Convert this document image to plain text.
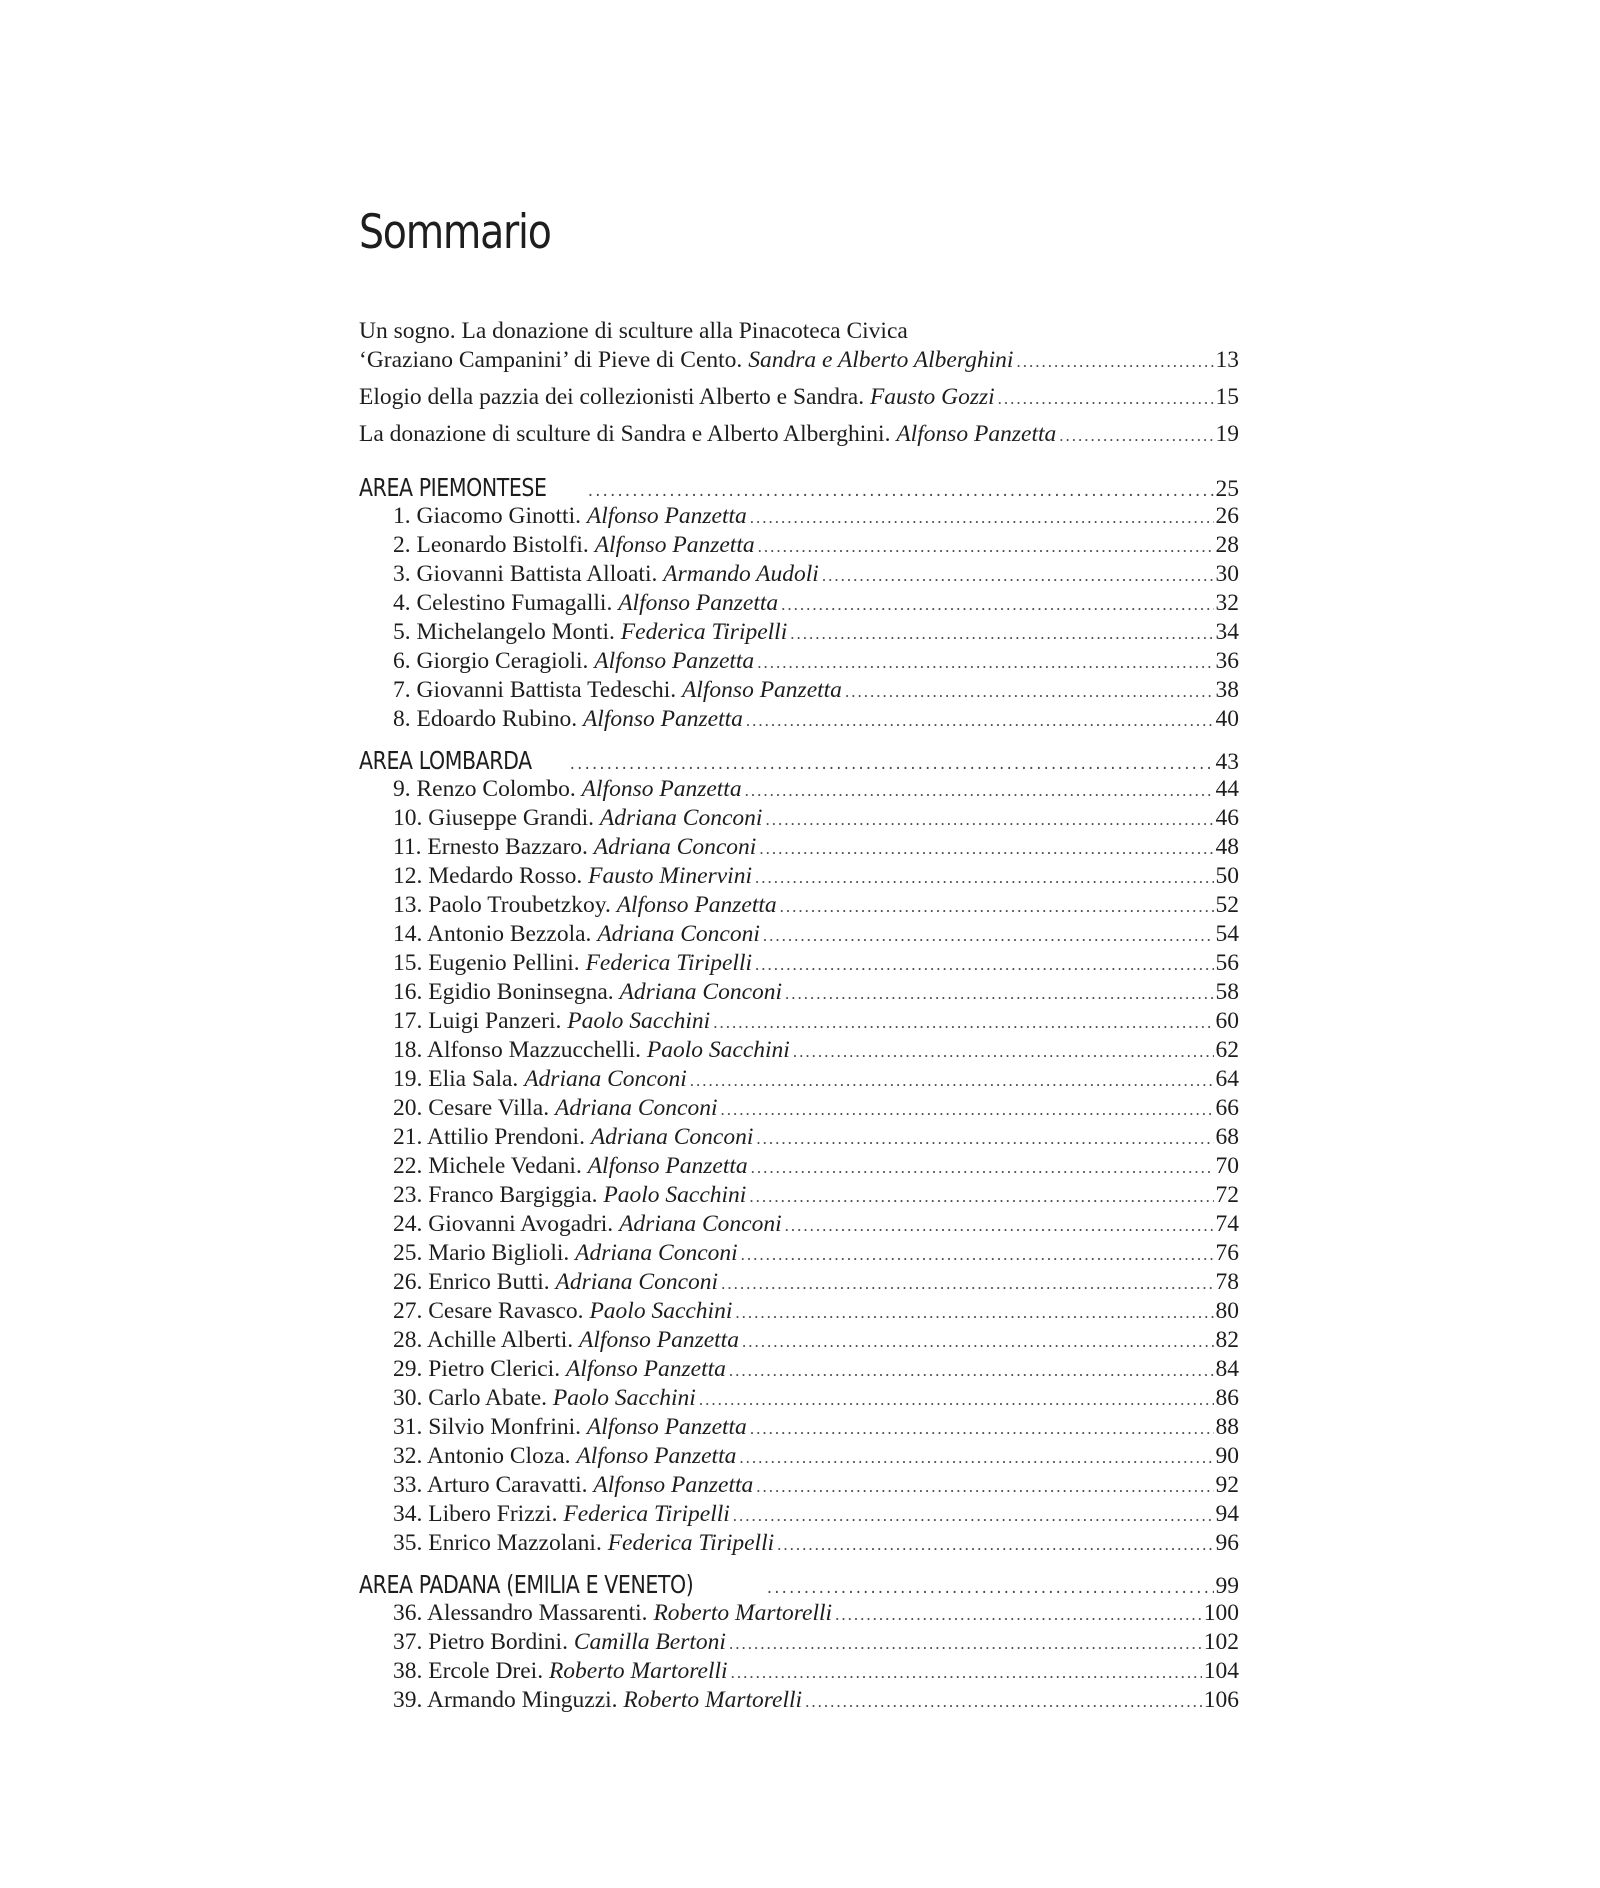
Sommario
Un sogno. La donazione di sculture alla Pinacoteca Civica
‘Graziano Campanini’ di Pieve di Cento. Sandra e Alberto Alberghini .....	13
Elogio della pazzia dei collezionisti Alberto e Sandra. Fausto Gozzi .....	15
La donazione di sculture di Sandra e Alberto Alberghini. Alfonso Panzetta .....	19
AREA PIEMONTESE .....	25
1. Giacomo Ginotti. Alfonso Panzetta .....	26
2. Leonardo Bistolfi. Alfonso Panzetta .....	28
3. Giovanni Battista Alloati. Armando Audoli .....	30
4. Celestino Fumagalli. Alfonso Panzetta .....	32
5. Michelangelo Monti. Federica Tiripelli .....	34
6. Giorgio Ceragioli. Alfonso Panzetta .....	36
7. Giovanni Battista Tedeschi. Alfonso Panzetta .....	38
8. Edoardo Rubino. Alfonso Panzetta .....	40
AREA LOMBARDA .....	43
9. Renzo Colombo. Alfonso Panzetta .....	44
10. Giuseppe Grandi. Adriana Conconi .....	46
11. Ernesto Bazzaro. Adriana Conconi .....	48
12. Medardo Rosso. Fausto Minervini .....	50
13. Paolo Troubetzkoy. Alfonso Panzetta .....	52
14. Antonio Bezzola. Adriana Conconi .....	54
15. Eugenio Pellini. Federica Tiripelli .....	56
16. Egidio Boninsegna. Adriana Conconi .....	58
17. Luigi Panzeri. Paolo Sacchini .....	60
18. Alfonso Mazzucchelli. Paolo Sacchini .....	62
19. Elia Sala. Adriana Conconi .....	64
20. Cesare Villa. Adriana Conconi .....	66
21. Attilio Prendoni. Adriana Conconi .....	68
22. Michele Vedani. Alfonso Panzetta .....	70
23. Franco Bargiggia. Paolo Sacchini .....	72
24. Giovanni Avogadri. Adriana Conconi .....	74
25. Mario Biglioli. Adriana Conconi .....	76
26. Enrico Butti. Adriana Conconi .....	78
27. Cesare Ravasco. Paolo Sacchini .....	80
28. Achille Alberti. Alfonso Panzetta .....	82
29. Pietro Clerici. Alfonso Panzetta .....	84
30. Carlo Abate. Paolo Sacchini .....	86
31. Silvio Monfrini. Alfonso Panzetta .....	88
32. Antonio Cloza. Alfonso Panzetta .....	90
33. Arturo Caravatti. Alfonso Panzetta .....	92
34. Libero Frizzi. Federica Tiripelli .....	94
35. Enrico Mazzolani. Federica Tiripelli .....	96
AREA PADANA (EMILIA E VENETO) .....	99
36. Alessandro Massarenti. Roberto Martorelli .....	100
37. Pietro Bordini. Camilla Bertoni .....	102
38. Ercole Drei. Roberto Martorelli .....	104
39. Armando Minguzzi. Roberto Martorelli .....	106
